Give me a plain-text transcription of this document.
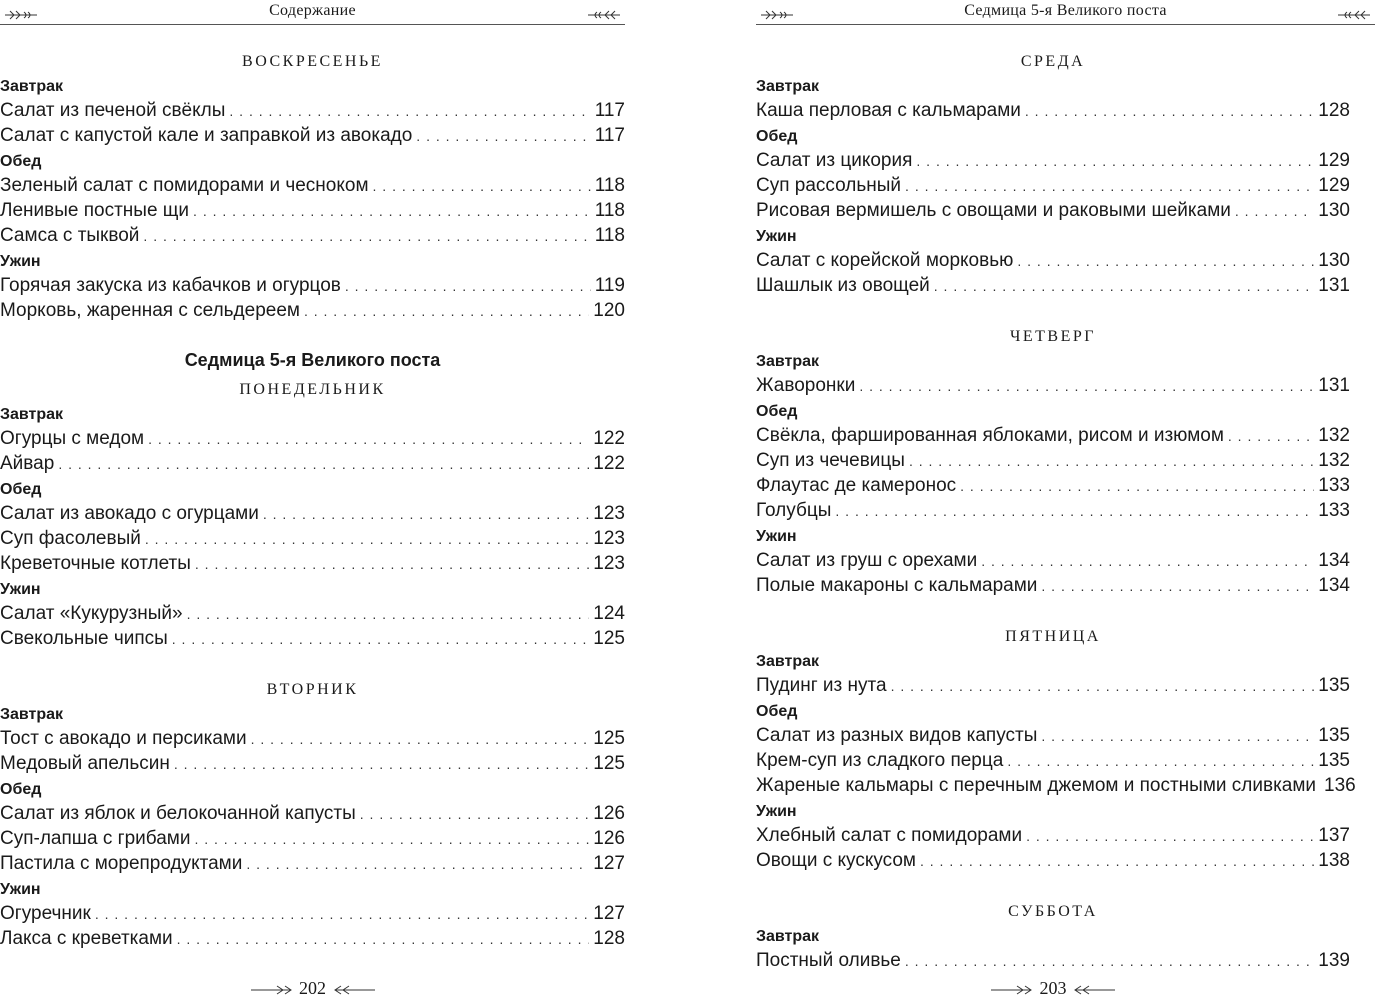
Содержание
ВОСКРЕСЕНЬЕ
Завтрак
Салат из печеной свёклы . . .	117
Салат с капустой кале и заправкой из авокадо . . .	117
Обед
Зеленый салат с помидорами и чесноком . . .	118
Ленивые постные щи . . .	118
Самса с тыквой . . .	118
Ужин
Горячая закуска из кабачков и огурцов . . .	119
Морковь, жаренная с сельдереем . . .	120
Седмица 5-я Великого поста
ПОНЕДЕЛЬНИК
Завтрак
Огурцы с медом . . .	122
Айвар . . .	122
Обед
Салат из авокадо с огурцами . . .	123
Суп фасолевый . . .	123
Креветочные котлеты . . .	123
Ужин
Салат «Кукурузный» . . .	124
Свекольные чипсы . . .	125
ВТОРНИК
Завтрак
Тост с авокадо и персиками . . .	125
Медовый апельсин . . .	125
Обед
Салат из яблок и белокочанной капусты . . .	126
Суп-лапша с грибами . . .	126
Пастила с морепродуктами . . .	127
Ужин
Огуречник . . .	127
Лакса с креветками . . .	128
202
Седмица 5-я Великого поста
СРЕДА
Завтрак
Каша перловая с кальмарами . . .	128
Обед
Салат из цикория . . .	129
Суп рассольный . . .	129
Рисовая вермишель с овощами и раковыми шейками . . .	130
Ужин
Салат с корейской морковью . . .	130
Шашлык из овощей . . .	131
ЧЕТВЕРГ
Завтрак
Жаворонки . . .	131
Обед
Свёкла, фаршированная яблоками, рисом и изюмом . . .	132
Суп из чечевицы . . .	132
Флаутас де камеронос . . .	133
Голубцы . . .	133
Ужин
Салат из груш с орехами . . .	134
Полые макароны с кальмарами . . .	134
ПЯТНИЦА
Завтрак
Пудинг из нута . . .	135
Обед
Салат из разных видов капусты . . .	135
Крем-суп из сладкого перца . . .	135
Жареные кальмары с перечным джемом и постными сливками 136
Ужин
Хлебный салат с помидорами . . .	137
Овощи с кускусом . . .	138
СУББОТА
Завтрак
Постный оливье . . .	139
203
